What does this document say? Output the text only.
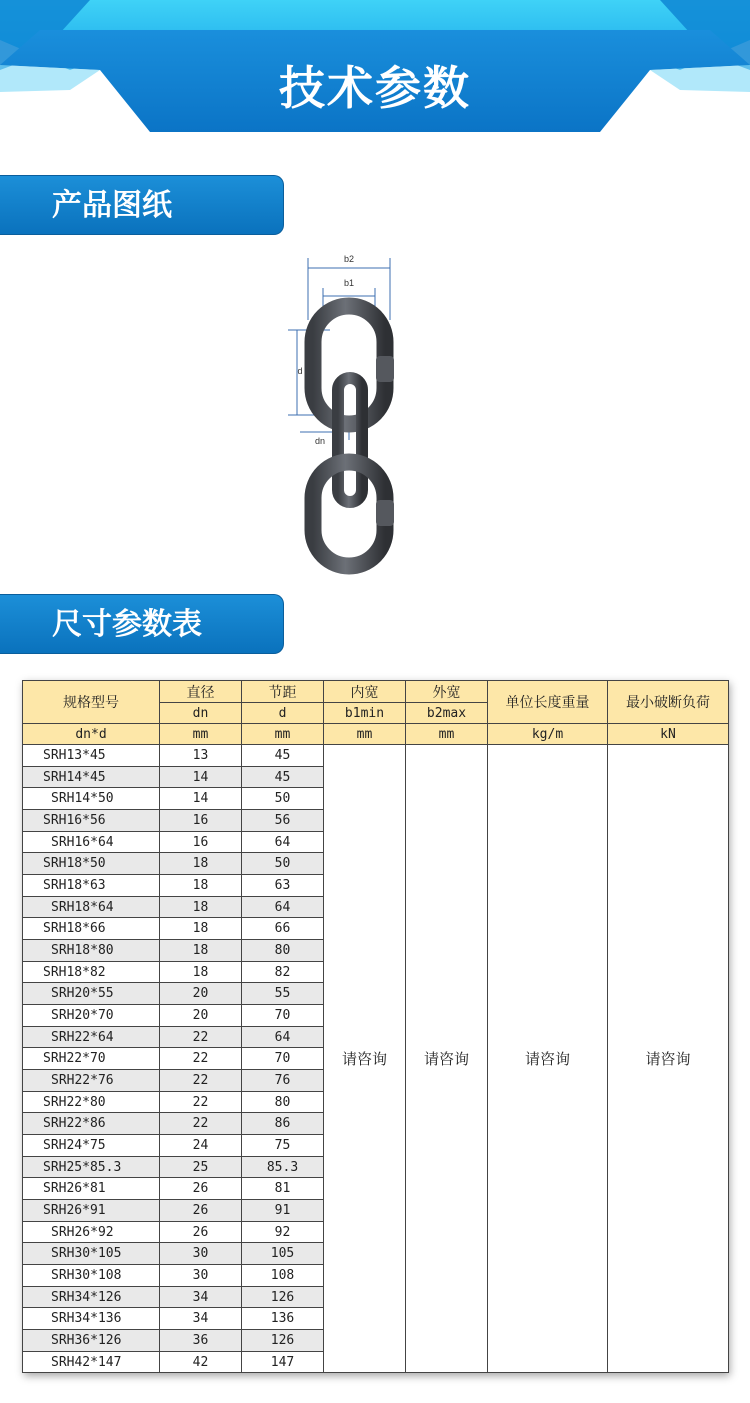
技术参数
产品图纸
b2
b1
d
dn
尺寸参数表
规格型号	直径	节距	内宽	外宽	单位长度重量	最小破断负荷
	dn	d	b1min	b2max		
dn*d	mm	mm	mm	mm	kg/m	kN
SRH13*45	13	45	请咨询	请咨询	请咨询	请咨询
SRH14*45	14	45				
SRH14*50	14	50				
SRH16*56	16	56				
SRH16*64	16	64				
SRH18*50	18	50				
SRH18*63	18	63				
SRH18*64	18	64				
SRH18*66	18	66				
SRH18*80	18	80				
SRH18*82	18	82				
SRH20*55	20	55				
SRH20*70	20	70				
SRH22*64	22	64				
SRH22*70	22	70				
SRH22*76	22	76				
SRH22*80	22	80				
SRH22*86	22	86				
SRH24*75	24	75				
SRH25*85.3	25	85.3				
SRH26*81	26	81				
SRH26*91	26	91				
SRH26*92	26	92				
SRH30*105	30	105				
SRH30*108	30	108				
SRH34*126	34	126				
SRH34*136	34	136				
SRH36*126	36	126				
SRH42*147	42	147				
